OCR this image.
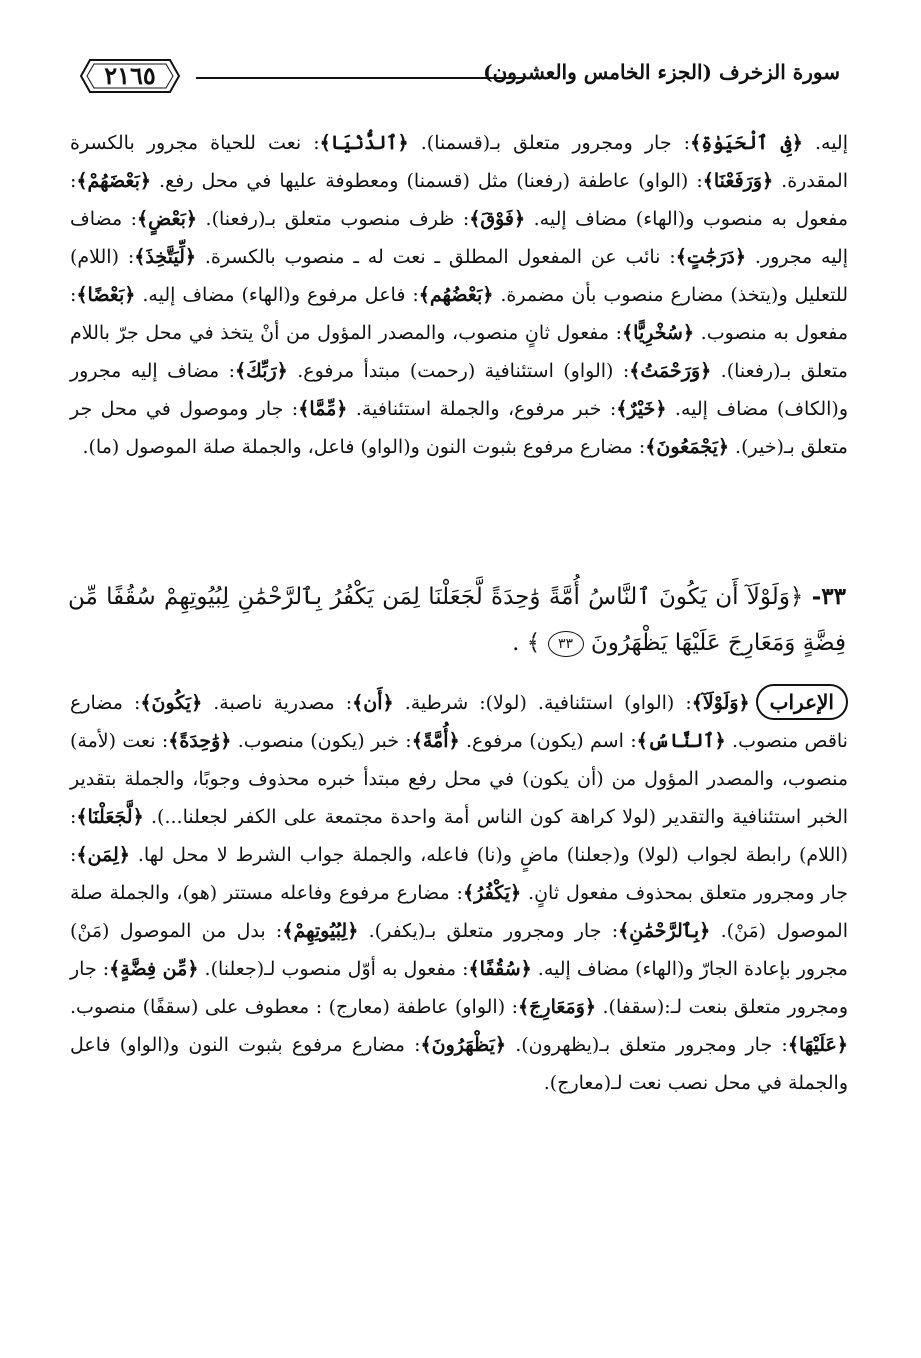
٢١٦٥	سورة الزخرف (الجزء الخامس والعشرون)
إليه. ﴿فِى ٱلْحَيَوٰةِ﴾: جار ومجرور متعلق بـ(قسمنا). ﴿ٱلدُّنْيَا﴾: نعت للحياة مجرور بالكسرة المقدرة. ﴿وَرَفَعْنَا﴾: (الواو) عاطفة (رفعنا) مثل (قسمنا) ومعطوفة عليها في محل رفع. ﴿بَعْضَهُمْ﴾: مفعول به منصوب و(الهاء) مضاف إليه. ﴿فَوْقَ﴾: ظرف منصوب متعلق بـ(رفعنا). ﴿بَعْضٍ﴾: مضاف إليه مجرور. ﴿دَرَجَٰتٍ﴾: نائب عن المفعول المطلق ـ نعت له ـ منصوب بالكسرة. ﴿لِّيَتَّخِذَ﴾: (اللام) للتعليل و(يتخذ) مضارع منصوب بأن مضمرة. ﴿بَعْضُهُم﴾: فاعل مرفوع و(الهاء) مضاف إليه. ﴿بَعْضًا﴾: مفعول به منصوب. ﴿سُخْرِيًّا﴾: مفعول ثانٍ منصوب، والمصدر المؤول من أنْ يتخذ في محل جرّ باللام متعلق بـ(رفعنا). ﴿وَرَحْمَتُ﴾: (الواو) استئنافية (رحمت) مبتدأ مرفوع. ﴿رَبِّكَ﴾: مضاف إليه مجرور و(الكاف) مضاف إليه. ﴿خَيْرٌ﴾: خبر مرفوع، والجملة استئنافية. ﴿مِّمَّا﴾: جار وموصول في محل جر متعلق بـ(خير). ﴿يَجْمَعُونَ﴾: مضارع مرفوع بثبوت النون و(الواو) فاعل، والجملة صلة الموصول (ما).
٣٣- ﴿وَلَوْلَآ أَن يَكُونَ ٱلنَّاسُ أُمَّةً وَٰحِدَةً لَّجَعَلْنَا لِمَن يَكْفُرُ بِٱلرَّحْمَٰنِ لِبُيُوتِهِمْ سُقُفًا مِّن فِضَّةٍ وَمَعَارِجَ عَلَيْهَا يَظْهَرُونَ ٣٣ ﴾ .
الإعراب﴿وَلَوْلَآ﴾: (الواو) استئنافية. (لولا): شرطية. ﴿أَن﴾: مصدرية ناصبة. ﴿يَكُونَ﴾: مضارع ناقص منصوب. ﴿ٱلنَّاسُ﴾: اسم (يكون) مرفوع. ﴿أُمَّةً﴾: خبر (يكون) منصوب. ﴿وَٰحِدَةً﴾: نعت (لأمة) منصوب، والمصدر المؤول من (أن يكون) في محل رفع مبتدأ خبره محذوف وجوبًا، والجملة بتقدير الخبر استئنافية والتقدير (لولا كراهة كون الناس أمة واحدة مجتمعة على الكفر لجعلنا...). ﴿لَّجَعَلْنَا﴾: (اللام) رابطة لجواب (لولا) و(جعلنا) ماضٍ و(نا) فاعله، والجملة جواب الشرط لا محل لها. ﴿لِمَن﴾: جار ومجرور متعلق بمحذوف مفعول ثانٍ. ﴿يَكْفُرُ﴾: مضارع مرفوع وفاعله مستتر (هو)، والجملة صلة الموصول (مَنْ). ﴿بِٱلرَّحْمَٰنِ﴾: جار ومجرور متعلق بـ(يكفر). ﴿لِبُيُوتِهِمْ﴾: بدل من الموصول (مَنْ) مجرور بإعادة الجارّ و(الهاء) مضاف إليه. ﴿سُقُفًا﴾: مفعول به أوّل منصوب لـ(جعلنا). ﴿مِّن فِضَّةٍ﴾: جار ومجرور متعلق بنعت لـ:(سقفا). ﴿وَمَعَارِجَ﴾: (الواو) عاطفة (معارج) : معطوف على (سقفًا) منصوب. ﴿عَلَيْهَا﴾: جار ومجرور متعلق بـ(يظهرون). ﴿يَظْهَرُونَ﴾: مضارع مرفوع بثبوت النون و(الواو) فاعل والجملة في محل نصب نعت لـ(معارج).
